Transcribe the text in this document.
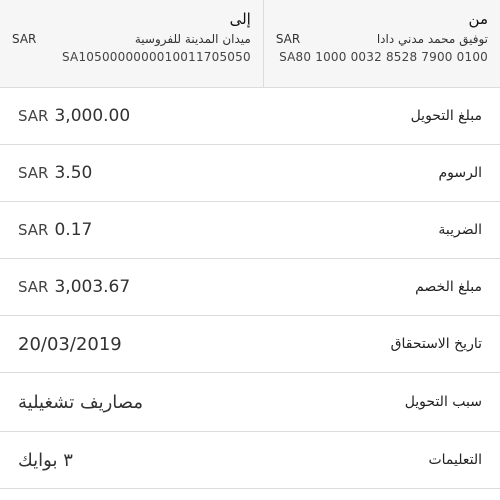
من
توفيق محمد مدني دادا
SAR
SA80 1000 0032 8528 7900 0100
إلى
ميدان المدينة للفروسية
SAR
SA1050000000010011705050
مبلغ التحويل
SAR 3,000.00
الرسوم
SAR 3.50
الضريبة
SAR 0.17
مبلغ الخصم
SAR 3,003.67
تاريخ الاستحقاق
20/03/2019
سبب التحويل
مصاريف تشغيلية
التعليمات
٣ بوايك
